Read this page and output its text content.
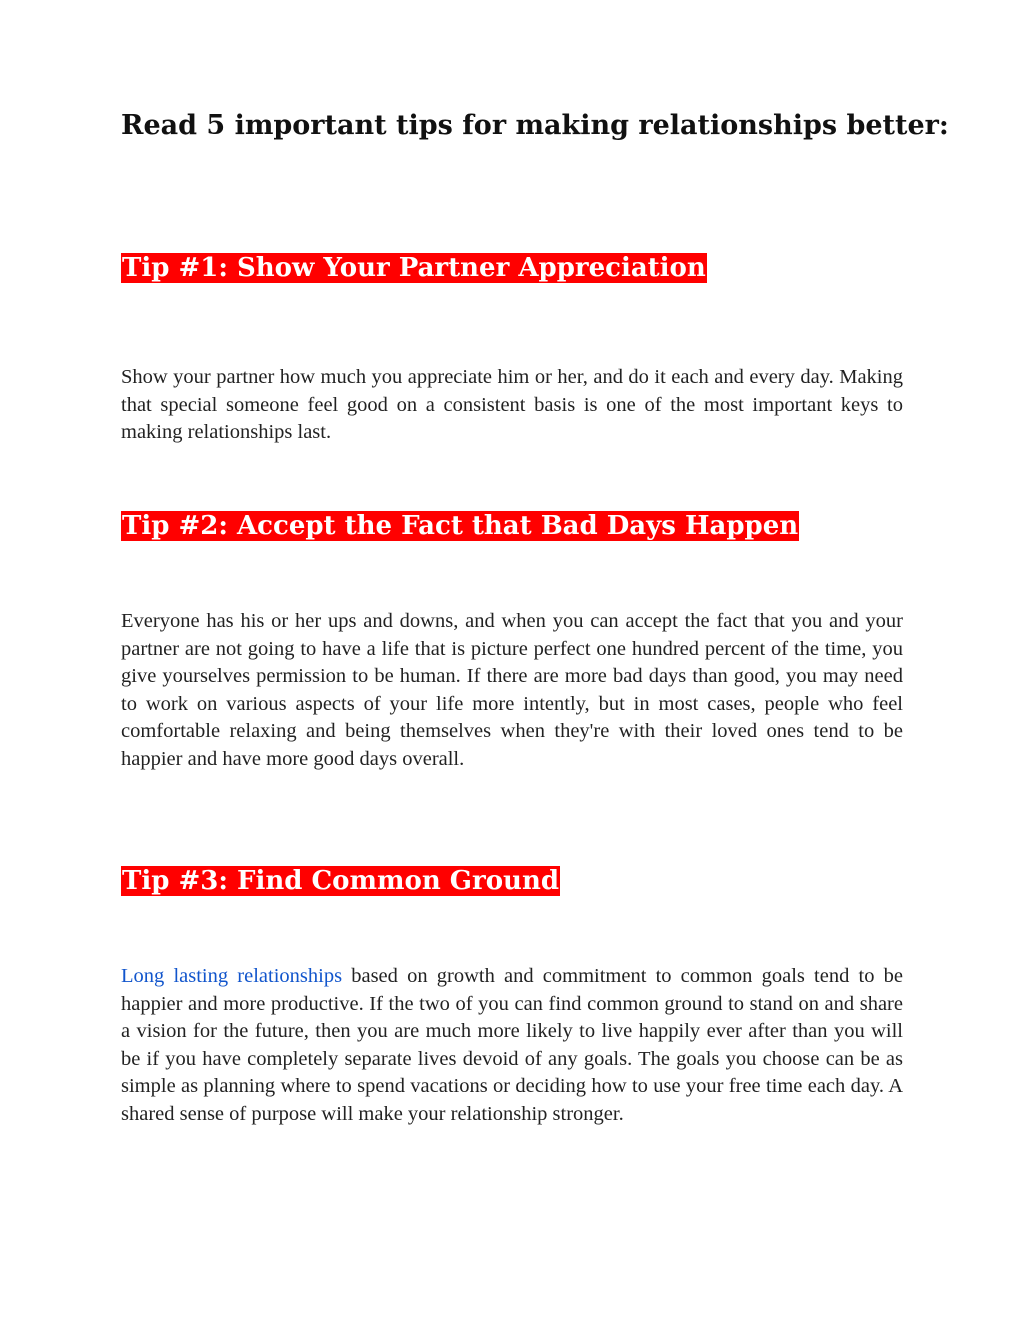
Read 5 important tips for making relationships better:
Tip #1: Show Your Partner Appreciation

Show your partner how much you appreciate him or her, and do it each and every day. Making that special someone feel good on a consistent basis is one of the most important keys to making relationships last.

Tip #2: Accept the Fact that Bad Days Happen

Everyone has his or her ups and downs, and when you can accept the fact that you and your partner are not going to have a life that is picture perfect one hundred percent of the time, you give yourselves permission to be human. If there are more bad days than good, you may need to work on various aspects of your life more intently, but in most cases, people who feel comfortable relaxing and being themselves when they're with their loved ones tend to be happier and have more good days overall.

Tip #3: Find Common Ground

Long lasting relationships based on growth and commitment to common goals tend to be happier and more productive. If the two of you can find common ground to stand on and share a vision for the future, then you are much more likely to live happily ever after than you will be if you have completely separate lives devoid of any goals. The goals you choose can be as simple as planning where to spend vacations or deciding how to use your free time each day. A shared sense of purpose will make your relationship stronger.
